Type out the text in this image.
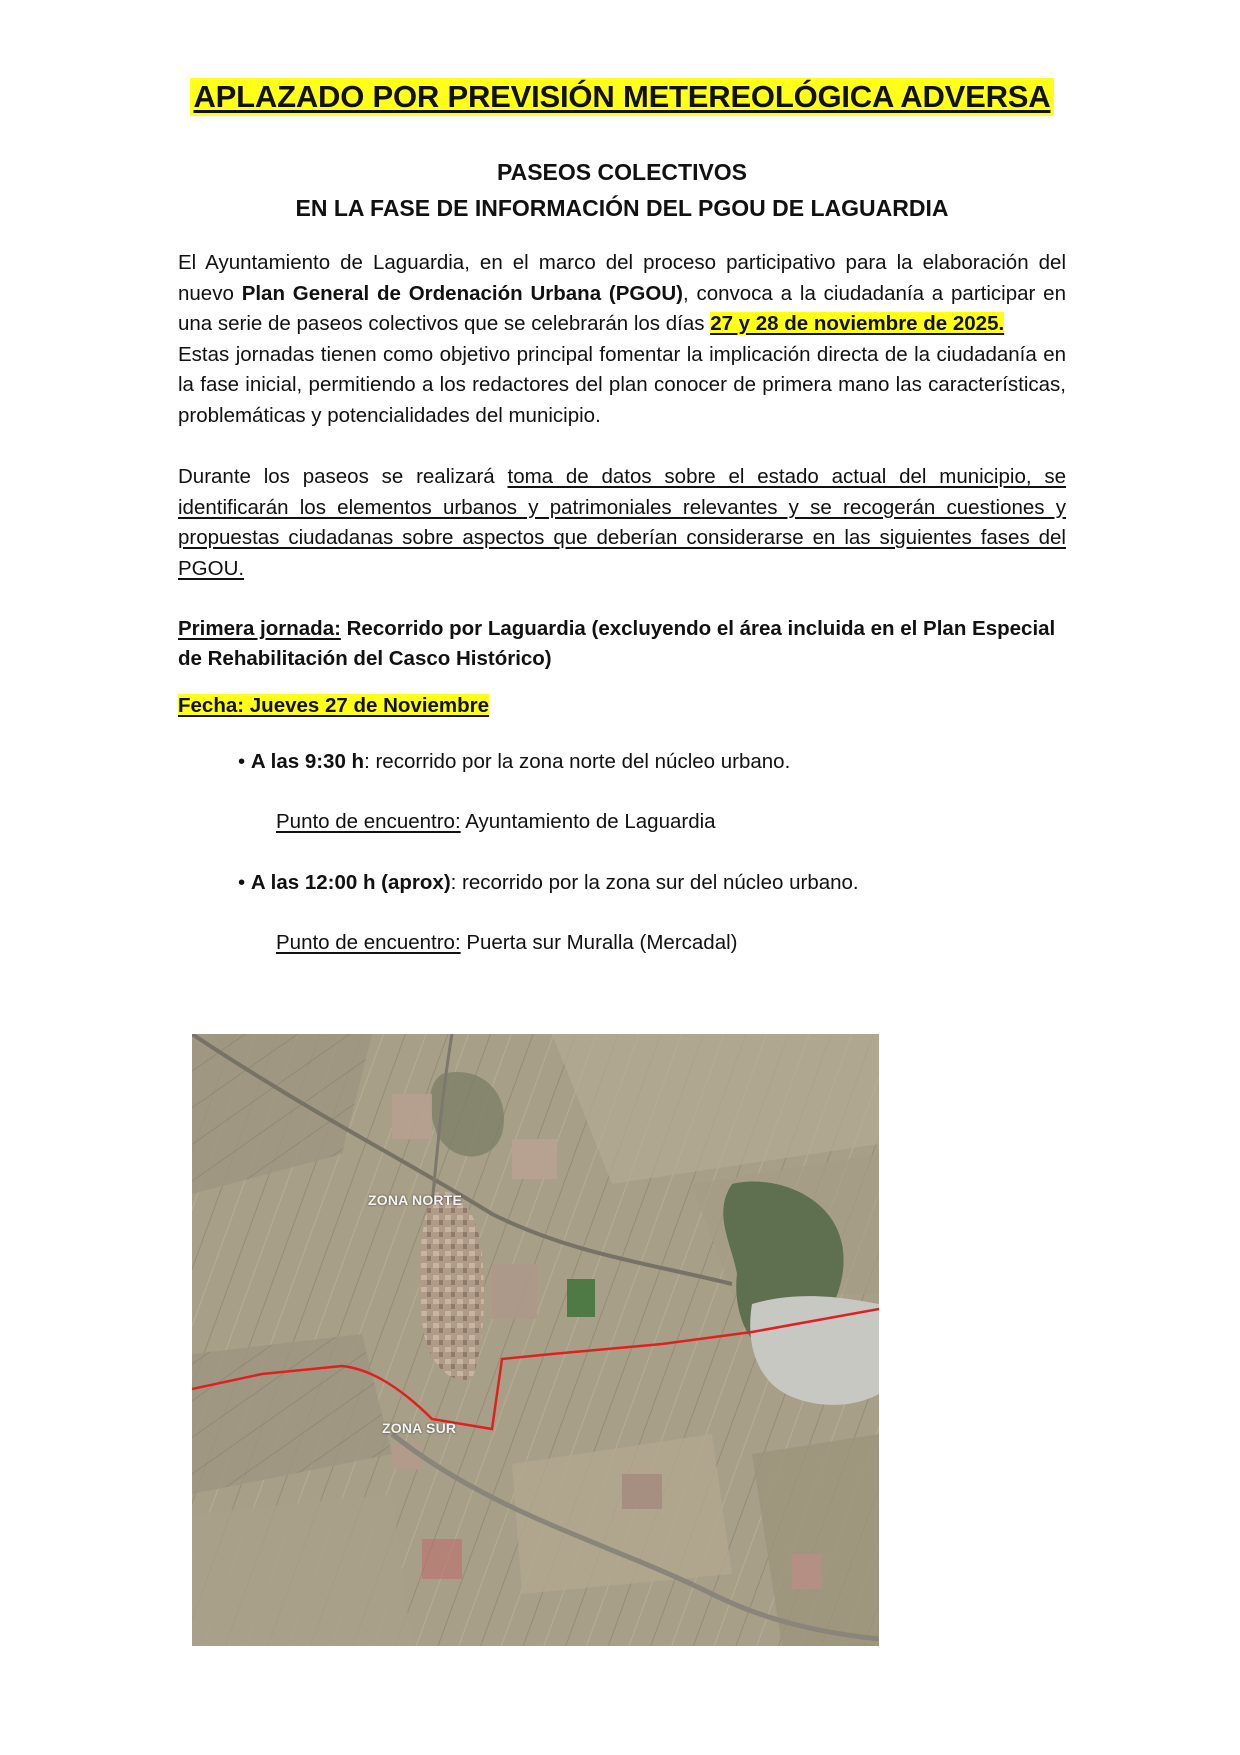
APLAZADO POR PREVISIÓN METEREOLÓGICA ADVERSA
PASEOS COLECTIVOS
EN LA FASE DE INFORMACIÓN DEL PGOU DE LAGUARDIA
El Ayuntamiento de Laguardia, en el marco del proceso participativo para la elaboración del nuevo Plan General de Ordenación Urbana (PGOU), convoca a la ciudadanía a participar en una serie de paseos colectivos que se celebrarán los días 27 y 28 de noviembre de 2025.
Estas jornadas tienen como objetivo principal fomentar la implicación directa de la ciudadanía en la fase inicial, permitiendo a los redactores del plan conocer de primera mano las características, problemáticas y potencialidades del municipio.
Durante los paseos se realizará toma de datos sobre el estado actual del municipio, se identificarán los elementos urbanos y patrimoniales relevantes y se recogerán cuestiones y propuestas ciudadanas sobre aspectos que deberían considerarse en las siguientes fases del PGOU.
Primera jornada: Recorrido por Laguardia (excluyendo el área incluida en el Plan Especial de Rehabilitación del Casco Histórico)
Fecha: Jueves 27 de Noviembre
• A las 9:30 h: recorrido por la zona norte del núcleo urbano.
Punto de encuentro: Ayuntamiento de Laguardia
• A las 12:00 h (aprox): recorrido por la zona sur del núcleo urbano.
Punto de encuentro: Puerta sur Muralla (Mercadal)
ZONA NORTE
ZONA SUR
